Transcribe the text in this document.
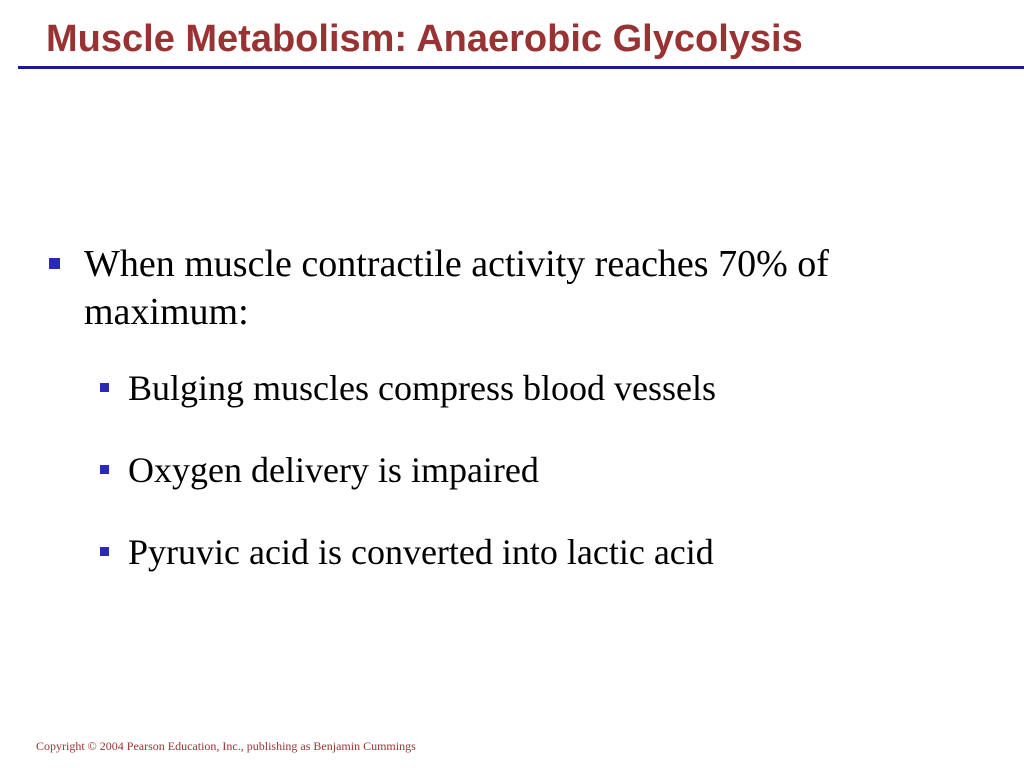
Muscle Metabolism: Anaerobic Glycolysis
When muscle contractile activity reaches 70% of maximum:
Bulging muscles compress blood vessels
Oxygen delivery is impaired
Pyruvic acid is converted into lactic acid
Copyright © 2004 Pearson Education, Inc., publishing as Benjamin Cummings
